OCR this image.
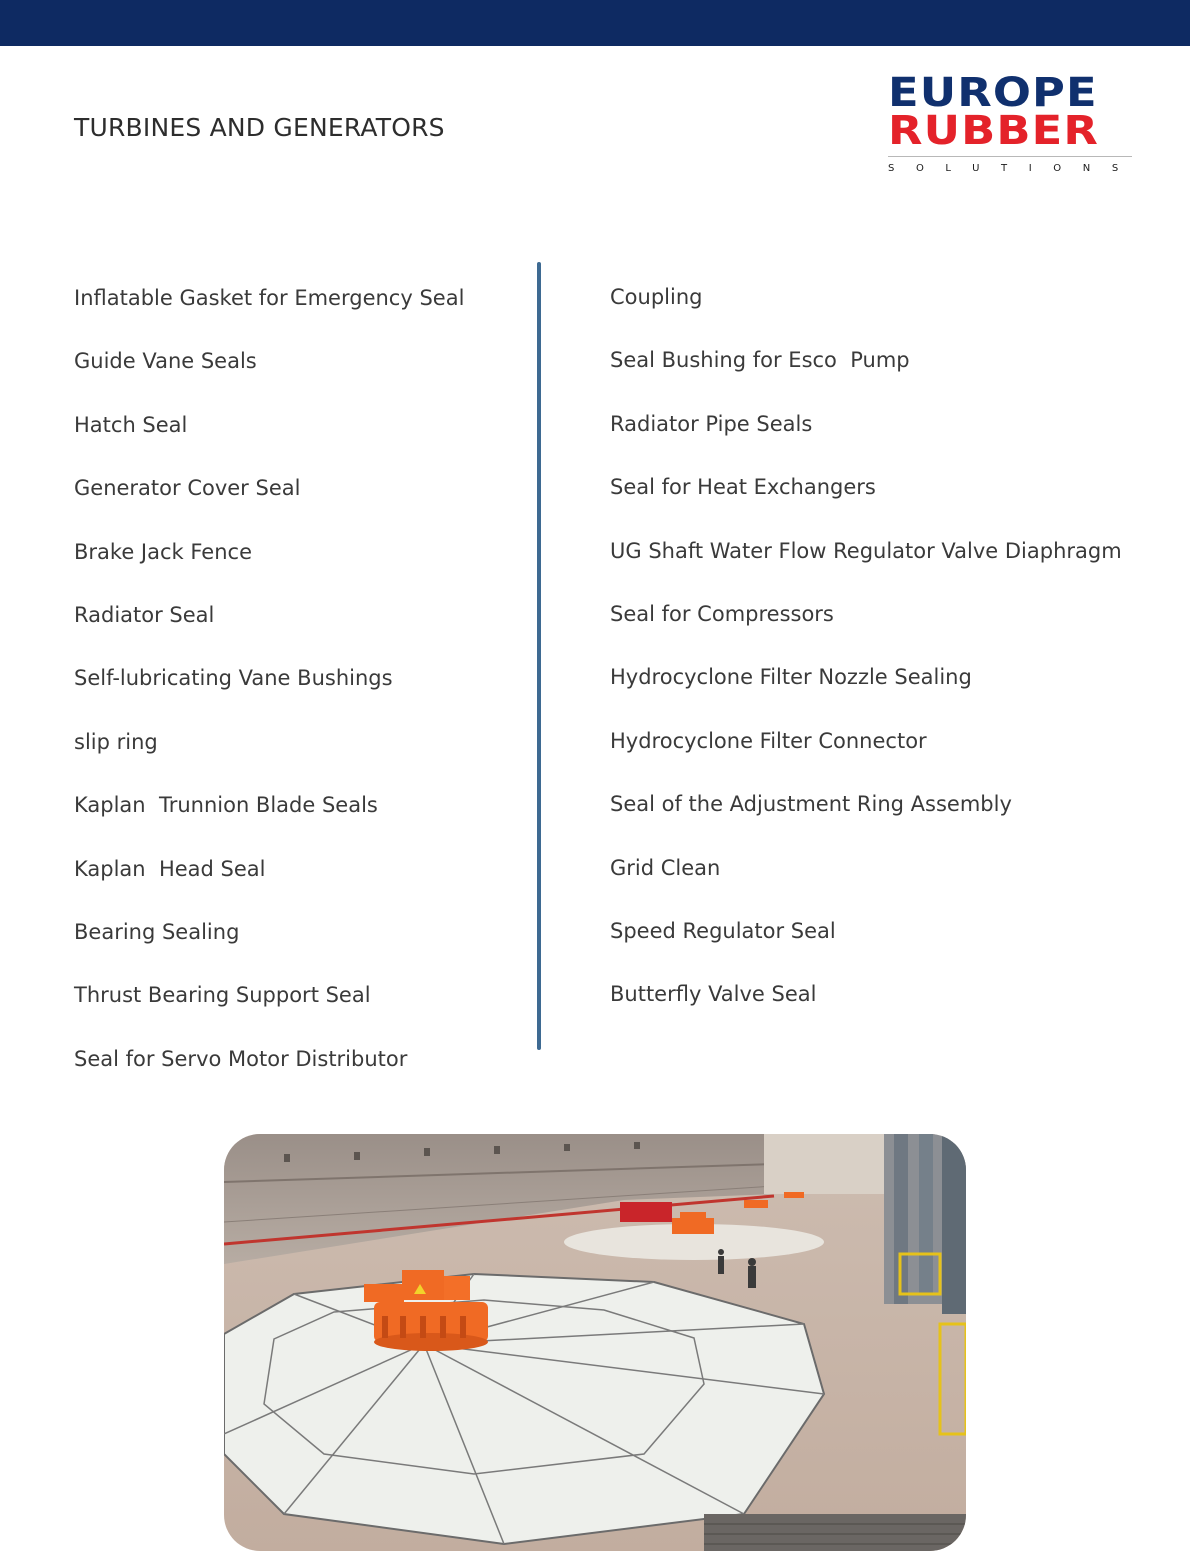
TURBINES AND GENERATORS
EUROPE
RUBBER
SOLUTIONS
Inflatable Gasket for Emergency Seal
Guide Vane Seals
Hatch Seal
Generator Cover Seal
Brake Jack Fence
Radiator Seal
Self-lubricating Vane Bushings
slip ring
Kaplan  Trunnion Blade Seals
Kaplan  Head Seal
Bearing Sealing
Thrust Bearing Support Seal
Seal for Servo Motor Distributor
Coupling
Seal Bushing for Esco  Pump
Radiator Pipe Seals
Seal for Heat Exchangers
UG Shaft Water Flow Regulator Valve Diaphragm
Seal for Compressors
Hydrocyclone Filter Nozzle Sealing
Hydrocyclone Filter Connector
Seal of the Adjustment Ring Assembly
Grid Clean
Speed Regulator Seal
Butterfly Valve Seal
